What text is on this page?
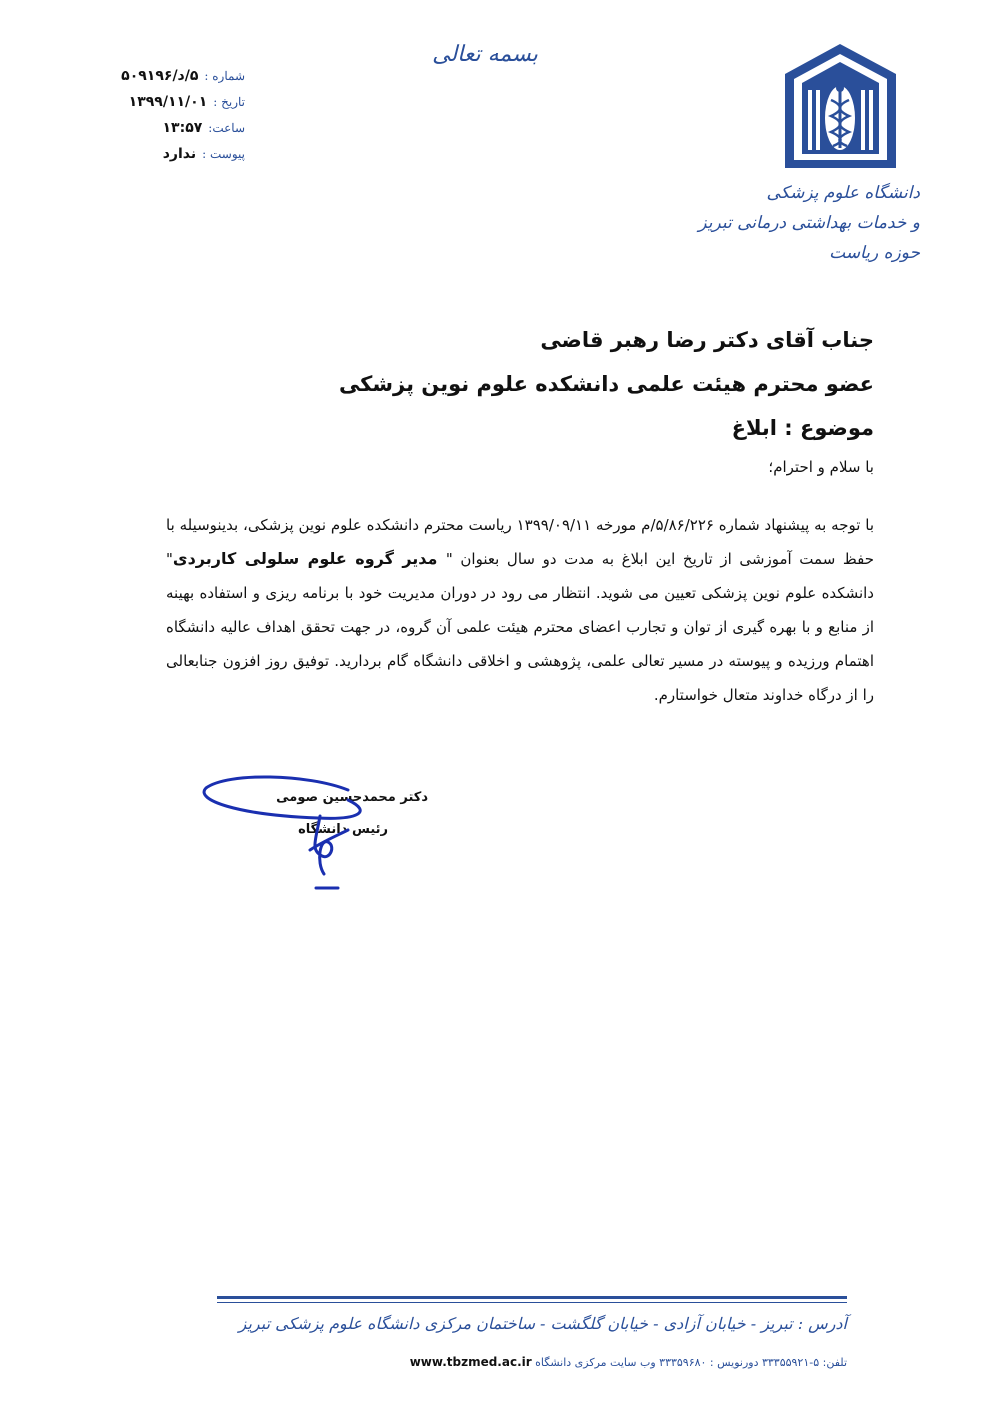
شماره :
۵/د/۵۰۹۱۹۶
تاریخ :
۱۳۹۹/۱۱/۰۱
ساعت:
۱۳:۵۷
پیوست :
ندارد
بسمه تعالی
دانشگاه علوم پزشکی
و خدمات بهداشتی درمانی تبریز
حوزه ریاست
جناب آقای دکتر رضا رهبر قاضی
عضو محترم هیئت علمی دانشکده علوم نوین پزشکی
موضوع : ابلاغ
با سلام و احترام؛
با توجه به پیشنهاد شماره ۵/۸۶/۲۲۶/م مورخه ۱۳۹۹/۰۹/۱۱ ریاست محترم دانشکده علوم نوین پزشکی، بدینوسیله با حفظ سمت آموزشی از تاریخ این ابلاغ به مدت دو سال بعنوان " مدیر گروه علوم سلولی کاربردی" دانشکده علوم نوین پزشکی تعیین می شوید. انتظار می رود در دوران مدیریت خود با برنامه ریزی و استفاده بهینه از منابع و با بهره گیری از توان و تجارب اعضای محترم هیئت علمی آن گروه، در جهت تحقق اهداف عالیه دانشگاه اهتمام ورزیده و پیوسته در مسیر تعالی علمی، پژوهشی و اخلاقی دانشگاه گام بردارید. توفیق روز افزون جنابعالی را از درگاه خداوند متعال خواستارم.
دکتر محمدحسین صومی
رئیس دانشگاه
آدرس : تبریز - خیابان آزادی - خیابان گلگشت - ساختمان مرکزی دانشگاه علوم پزشکی تبریز
تلفن: ۵-۳۳۳۵۵۹۲۱ دورنویس : ۳۳۳۵۹۶۸۰ وب سایت مرکزی دانشگاه www.tbzmed.ac.ir
